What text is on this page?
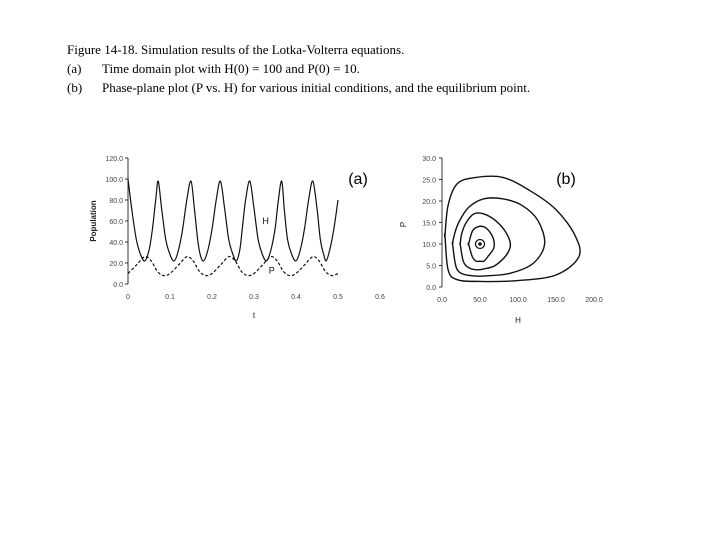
Figure 14-18. Simulation results of the Lotka-Volterra equations.
(a) Time domain plot with H(0) = 100 and P(0) = 10.
(b) Phase-plane plot (P vs. H) for various initial conditions, and the equilibrium point.
0.0
20.0
40.0
60.0
80.0
100.0
120.0
0	0.1	0.2	0.3	0.4	0.5	0.6
t
Population
(a)
H
P
0.0
5.0
10.0
15.0
20.0
25.0
30.0
0.0	50.0	100.0	150.0	200.0
H
P
(b)
